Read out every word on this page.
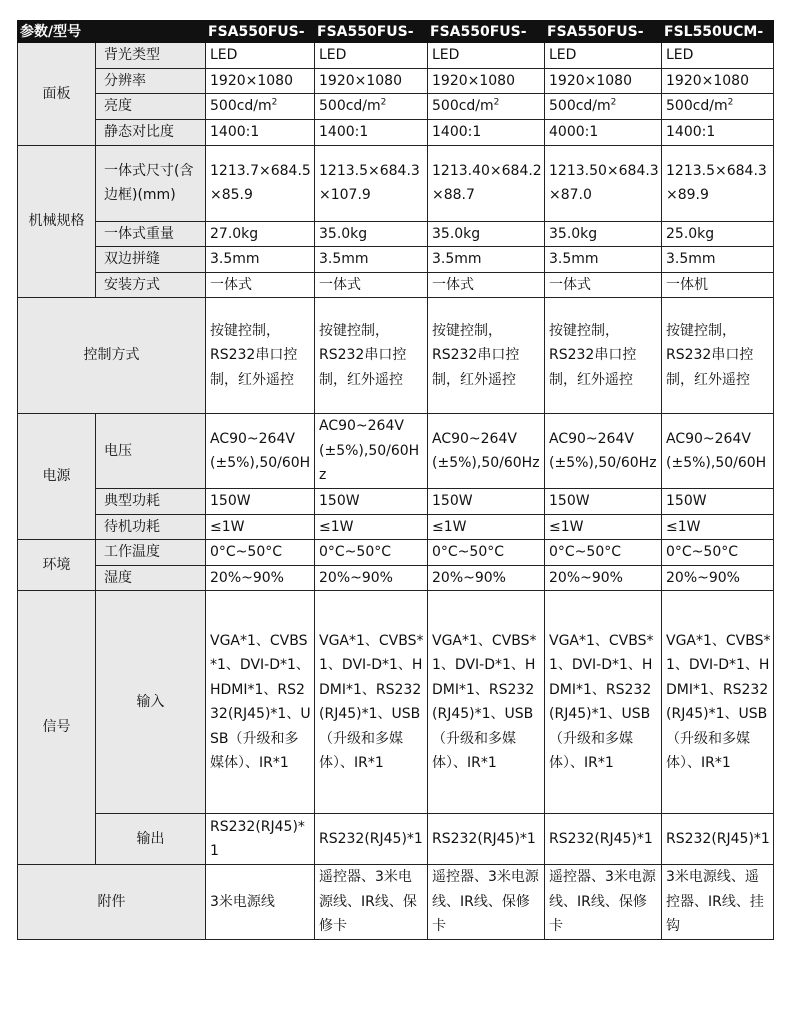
参数/型号		FSA550FUS-	FSA550FUS-	FSA550FUS-	FSA550FUS-	FSL550UCM-
面板	背光类型	LED	LED	LED	LED	LED
	分辨率	1920×1080	1920×1080	1920×1080	1920×1080	1920×1080
	亮度	$500cd/m^2$	$500cd/m^2$	$500cd/m^2$	$500cd/m^2$	$500cd/m^2$
	静态对比度	1400:1	1400:1	1400:1	4000:1	1400:1
机械规格	一体式尺寸(含边框)(mm)	1213.7×684.5×85.9	1213.5×684.3×107.9	1213.40×684.2×88.7	1213.50×684.3×87.0	1213.5×684.3×89.9
	一体式重量	27.0kg	35.0kg	35.0kg	35.0kg	25.0kg
	双边拼缝	3.5mm	3.5mm	3.5mm	3.5mm	3.5mm
	安装方式	一体式	一体式	一体式	一体式	一体机
控制方式		按键控制，RS232串口控制，红外遥控	按键控制，RS232串口控制，红外遥控	按键控制，RS232串口控制，红外遥控	按键控制，RS232串口控制，红外遥控	按键控制，RS232串口控制，红外遥控
电源	电压	AC90~264V(±5%),50/60H	AC90~264V(±5%),50/60Hz	AC90~264V(±5%),50/60Hz	AC90~264V(±5%),50/60Hz	AC90~264V(±5%),50/60H
	典型功耗	150W	150W	150W	150W	150W
	待机功耗	≤1W	≤1W	≤1W	≤1W	≤1W
环境	工作温度	0°C~50°C	0°C~50°C	0°C~50°C	0°C~50°C	0°C~50°C
	湿度	20%~90%	20%~90%	20%~90%	20%~90%	20%~90%
信号	输入	VGA*1、CVBS*1、DVI-D*1、HDMI*1、RS232(RJ45)*1、USB（升级和多媒体）、IR*1	VGA*1、CVBS*1、DVI-D*1、HDMI*1、RS232(RJ45)*1、USB（升级和多媒体）、IR*1	VGA*1、CVBS*1、DVI-D*1、HDMI*1、RS232(RJ45)*1、USB（升级和多媒体）、IR*1	VGA*1、CVBS*1、DVI-D*1、HDMI*1、RS232(RJ45)*1、USB（升级和多媒体）、IR*1	VGA*1、CVBS*1、DVI-D*1、HDMI*1、RS232(RJ45)*1、USB（升级和多媒体）、IR*1
	输出	RS232(RJ45)*1	RS232(RJ45)*1	RS232(RJ45)*1	RS232(RJ45)*1	RS232(RJ45)*1
附件		3米电源线	遥控器、3米电源线、IR线、保修卡	遥控器、3米电源线、IR线、保修卡	遥控器、3米电源线、IR线、保修卡	3米电源线、遥控器、IR线、挂钩
